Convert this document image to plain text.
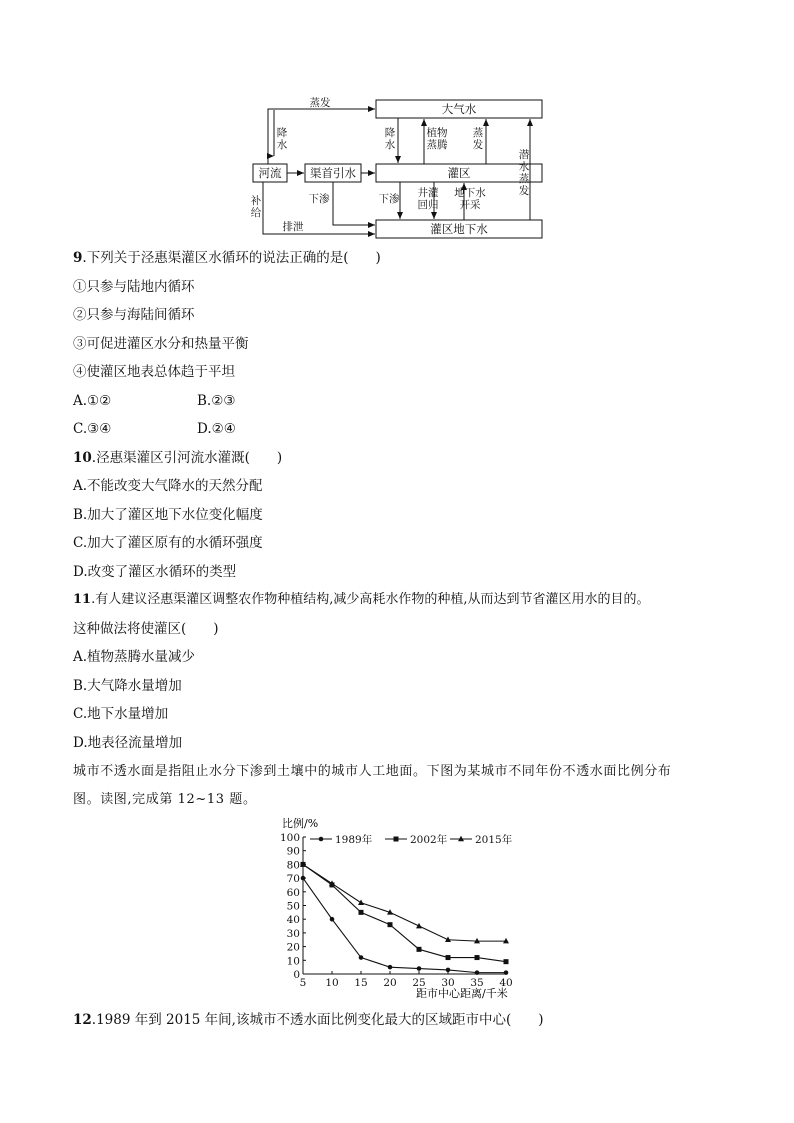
大气水
河流 渠首引水	灌区
灌区地下水
蒸发
降
水
降
水
植物
蒸腾
蒸
发
下渗	下渗 井灌
回归
地下水
开采
潜
水
蒸
发
补
给
排泄
9.下列关于泾惠渠灌区水循环的说法正确的是(　　)
①只参与陆地内循环
②只参与海陆间循环
③可促进灌区水分和热量平衡
④使灌区地表总体趋于平坦
A.①②	B.②③
C.③④	D.②④
10.泾惠渠灌区引河流水灌溉(　　)
A.不能改变大气降水的天然分配
B.加大了灌区地下水位变化幅度
C.加大了灌区原有的水循环强度
D.改变了灌区水循环的类型
11.有人建议泾惠渠灌区调整农作物种植结构,减少高耗水作物的种植,从而达到节省灌区用水的目的。
这种做法将使灌区(　　)
A.植物蒸腾水量减少
B.大气降水量增加
C.地下水量增加
D.地表径流量增加
城市不透水面是指阻止水分下渗到土壤中的城市人工地面。下图为某城市不同年份不透水面比例分布
图。读图,完成第 12~13 题。
比例/%
距市中心距离/千米
0
10
20
30
40
50
60
70
80
90
100
5 10 15 20 25 30 35 40
1989年	2002年	2015年
12.1989 年到 2015 年间,该城市不透水面比例变化最大的区域距市中心(　　)
